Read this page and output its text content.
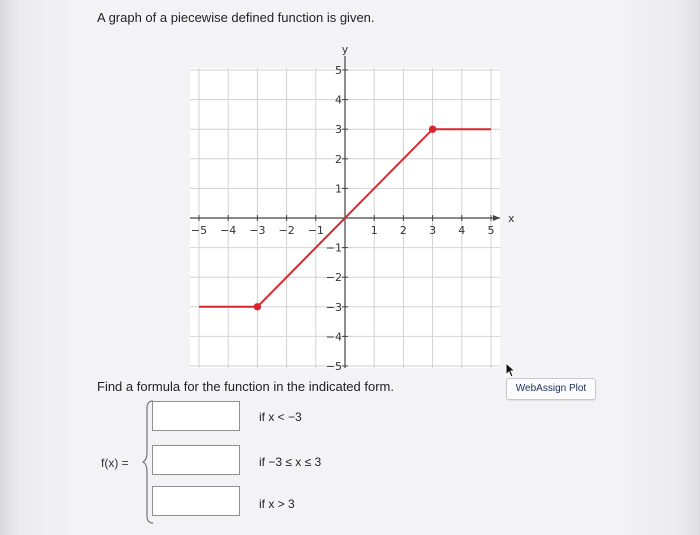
A graph of a piecewise defined function is given.
−5 −4 −3 −2 −1	1 2 3 4 5
5
4
3
2
1
−1
−2
−3
−4
−5
x
y
Find a formula for the function in the indicated form.	WebAssign Plot
f(x) =
if x < −3
if −3 ≤ x ≤ 3
if x > 3
